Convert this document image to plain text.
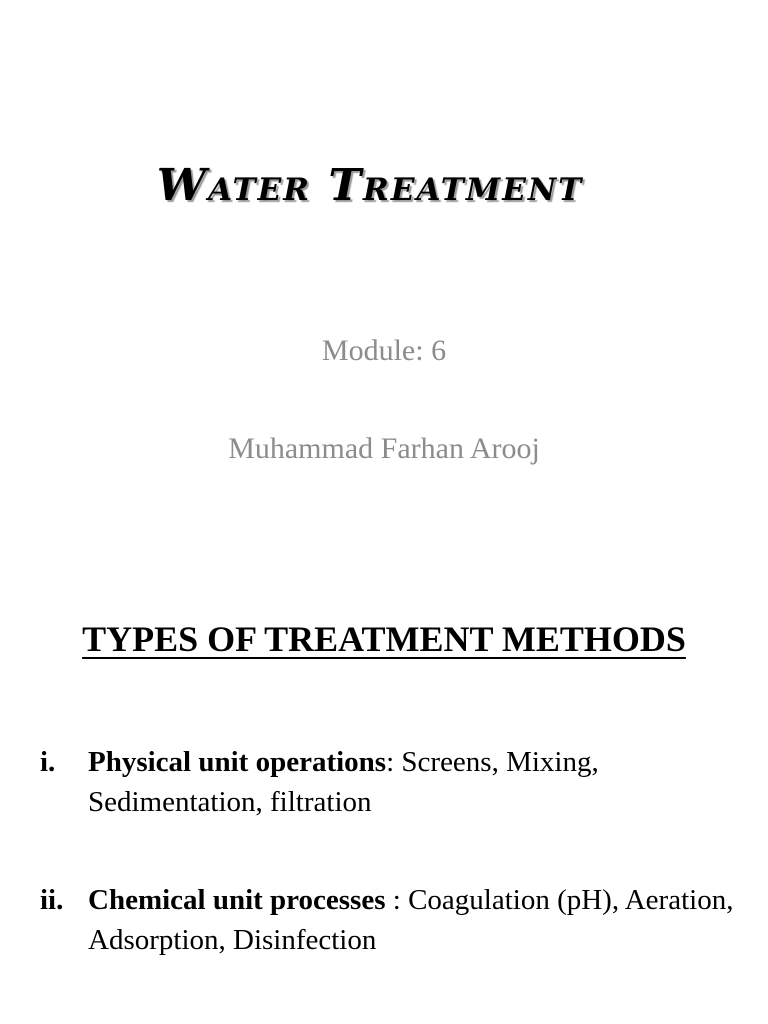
Water Treatment

Module: 6

Muhammad Farhan Arooj

TYPES OF TREATMENT METHODS
i.	Physical unit operations: Screens, Mixing, Sedimentation, filtration
ii. Chemical unit processes : Coagulation (pH), Aeration, Adsorption, Disinfection
